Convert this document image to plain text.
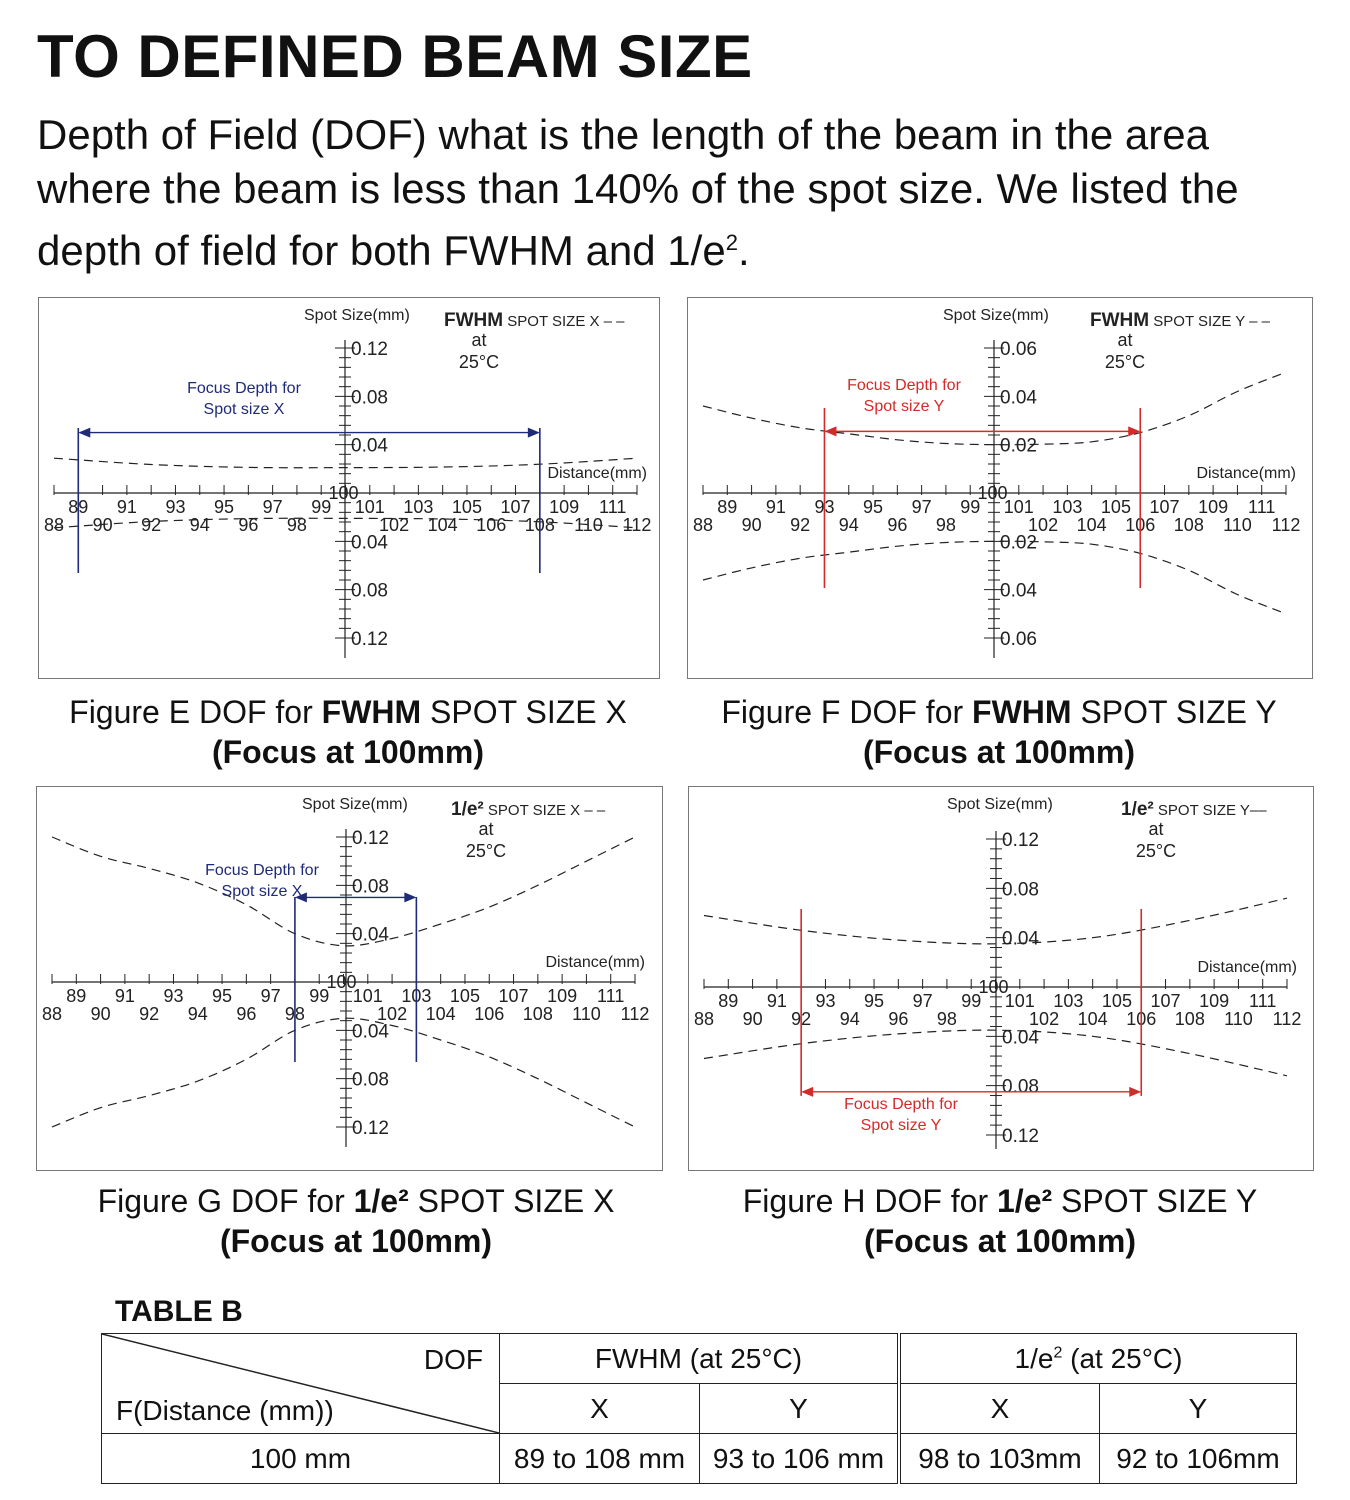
TO DEFINED BEAM SIZE

Depth of Field (DOF) what is the length of the beam in the area where the beam is less than 140% of the spot size. We listed the depth of field for both FWHM and $1/e^2$.

0.12
0.08
0.04
0.04
0.08
0.12
88
89
90
91
92
93
94
95
96
97
98
99
100
101
102
103
104
105
106
107
108
109
110
111
112
Spot Size(mm)
Distance(mm)
FWHM SPOT SIZE X – –
at
25°C
Focus Depth for
Spot size X
0.06
0.04
0.02
0.02
0.04
0.06
88
89
90
91
92
93
94
95
96
97
98
99
100
101
102
103
104
105
106
107
108
109
110
111
112
Spot Size(mm)
Distance(mm)
FWHM SPOT SIZE Y – –
at
25°C
Focus Depth for
Spot size Y
0.12
0.08
0.04
0.04
0.08
0.12
88
89
90
91
92
93
94
95
96
97
98
99
100
101
102
103
104
105
106
107
108
109
110
111
112
Spot Size(mm)
Distance(mm)
1/e² SPOT SIZE X – –
at
25°C
Focus Depth for
Spot size X
0.12
0.08
0.04
0.04
0.08
0.12
88
89
90
91
92
93
94
95
96
97
98
99
100
101
102
103
104
105
106
107
108
109
110
111
112
Spot Size(mm)
Distance(mm)
1/e² SPOT SIZE Y––
at
25°C
Focus Depth for
Spot size Y
Figure E DOF for FWHM SPOT SIZE X
(Focus at 100mm)
Figure F DOF for FWHM SPOT SIZE Y
(Focus at 100mm)
Figure G DOF for 1/e² SPOT SIZE X
(Focus at 100mm)
Figure H DOF for 1/e² SPOT SIZE Y
(Focus at 100mm)
TABLE B
DOF
F(Distance (mm))	FWHM (at 25°C)		$1/e^2$ (at 25°C)	
	X	Y	X	Y
100 mm	89 to 108 mm	93 to 106 mm	98 to 103mm	92 to 106mm
